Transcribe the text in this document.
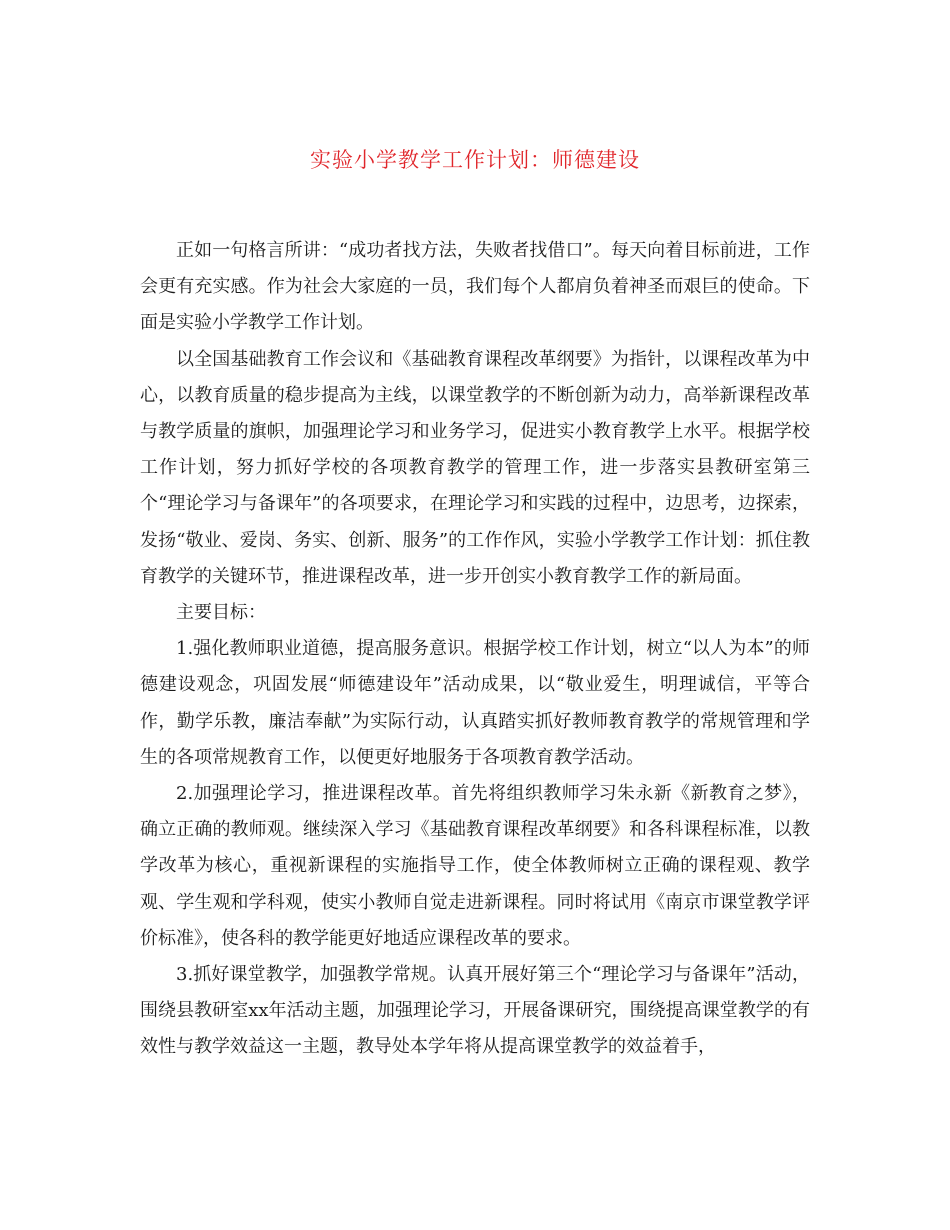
实验小学教学工作计划：师德建设

正如一句格言所讲：“成功者找方法，失败者找借口”。每天向着目标前进，工作会更有充实感。作为社会大家庭的一员，我们每个人都肩负着神圣而艰巨的使命。下面是实验小学教学工作计划。

以全国基础教育工作会议和《基础教育课程改革纲要》为指针，以课程改革为中心，以教育质量的稳步提高为主线，以课堂教学的不断创新为动力，高举新课程改革与教学质量的旗帜，加强理论学习和业务学习，促进实小教育教学上水平。根据学校工作计划，努力抓好学校的各项教育教学的管理工作，进一步落实县教研室第三个“理论学习与备课年”的各项要求，在理论学习和实践的过程中，边思考，边探索，发扬“敬业、爱岗、务实、创新、服务”的工作作风，实验小学教学工作计划：抓住教育教学的关键环节，推进课程改革，进一步开创实小教育教学工作的新局面。

主要目标：

1.强化教师职业道德，提高服务意识。根据学校工作计划，树立“以人为本”的师德建设观念，巩固发展“师德建设年”活动成果，以“敬业爱生，明理诚信，平等合作，勤学乐教，廉洁奉献”为实际行动，认真踏实抓好教师教育教学的常规管理和学生的各项常规教育工作，以便更好地服务于各项教育教学活动。

2.加强理论学习，推进课程改革。首先将组织教师学习朱永新《新教育之梦》，确立正确的教师观。继续深入学习《基础教育课程改革纲要》和各科课程标准，以教学改革为核心，重视新课程的实施指导工作，使全体教师树立正确的课程观、教学观、学生观和学科观，使实小教师自觉走进新课程。同时将试用《南京市课堂教学评价标准》，使各科的教学能更好地适应课程改革的要求。

3.抓好课堂教学，加强教学常规。认真开展好第三个“理论学习与备课年”活动，围绕县教研室xx年活动主题，加强理论学习，开展备课研究，围绕提高课堂教学的有效性与教学效益这一主题，教导处本学年将从提高课堂教学的效益着手，
